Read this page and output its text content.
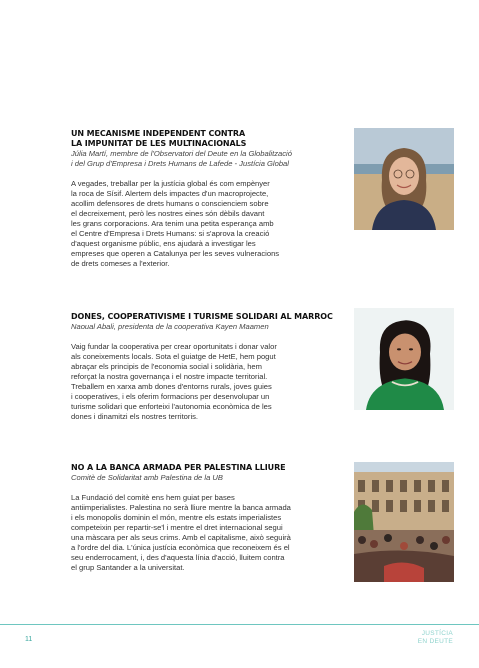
UN MECANISME INDEPENDENT CONTRA
LA IMPUNITAT DE LES MULTINACIONALS
Júlia Martí, membre de l'Observatori del Deute en la Globalització
i del Grup d'Empresa i Drets Humans de Lafede - Justícia Global
A vegades, treballar per la justícia global és com empènyer
la roca de Sísif. Alertem dels impactes d'un macroprojecte,
acollim defensores de drets humans o conscienciem sobre
el decreixement, però les nostres eines són dèbils davant
les grans corporacions. Ara tenim una petita esperança amb
el Centre d'Empresa i Drets Humans: si s'aprova la creació
d'aquest organisme públic, ens ajudarà a investigar les
empreses que operen a Catalunya per les seves vulneracions
de drets comeses a l'exterior.
DONES, COOPERATIVISME I TURISME SOLIDARI AL MARROC
Naoual Abali, presidenta de la cooperativa Kayen Maamen
Vaig fundar la cooperativa per crear oportunitats i donar valor
als coneixements locals. Sota el guiatge de HetE, hem pogut
abraçar els principis de l'economia social i solidària, hem
reforçat la nostra governança i el nostre impacte territorial.
Treballem en xarxa amb dones d'entorns rurals, joves guies
i cooperatives, i els oferim formacions per desenvolupar un
turisme solidari que enforteixi l'autonomia econòmica de les
dones i dinamitzi els nostres territoris.
NO A LA BANCA ARMADA PER PALESTINA LLIURE
Comitè de Solidaritat amb Palestina de la UB
La Fundació del comitè ens hem guiat per bases
antiimperialistes. Palestina no serà lliure mentre la banca armada
i els monopolis dominin el món, mentre els estats imperialistes
competeixin per repartir-se'l i mentre el dret internacional segui
una màscara per als seus crims. Amb el capitalisme, això seguirà
a l'ordre del dia. L'única justícia econòmica que reconeixem és el
seu enderrocament, i, des d'aquesta línia d'acció, lluitem contra
el grup Santander a la universitat.
11
JUSTÍCIA
EN DEUTE
